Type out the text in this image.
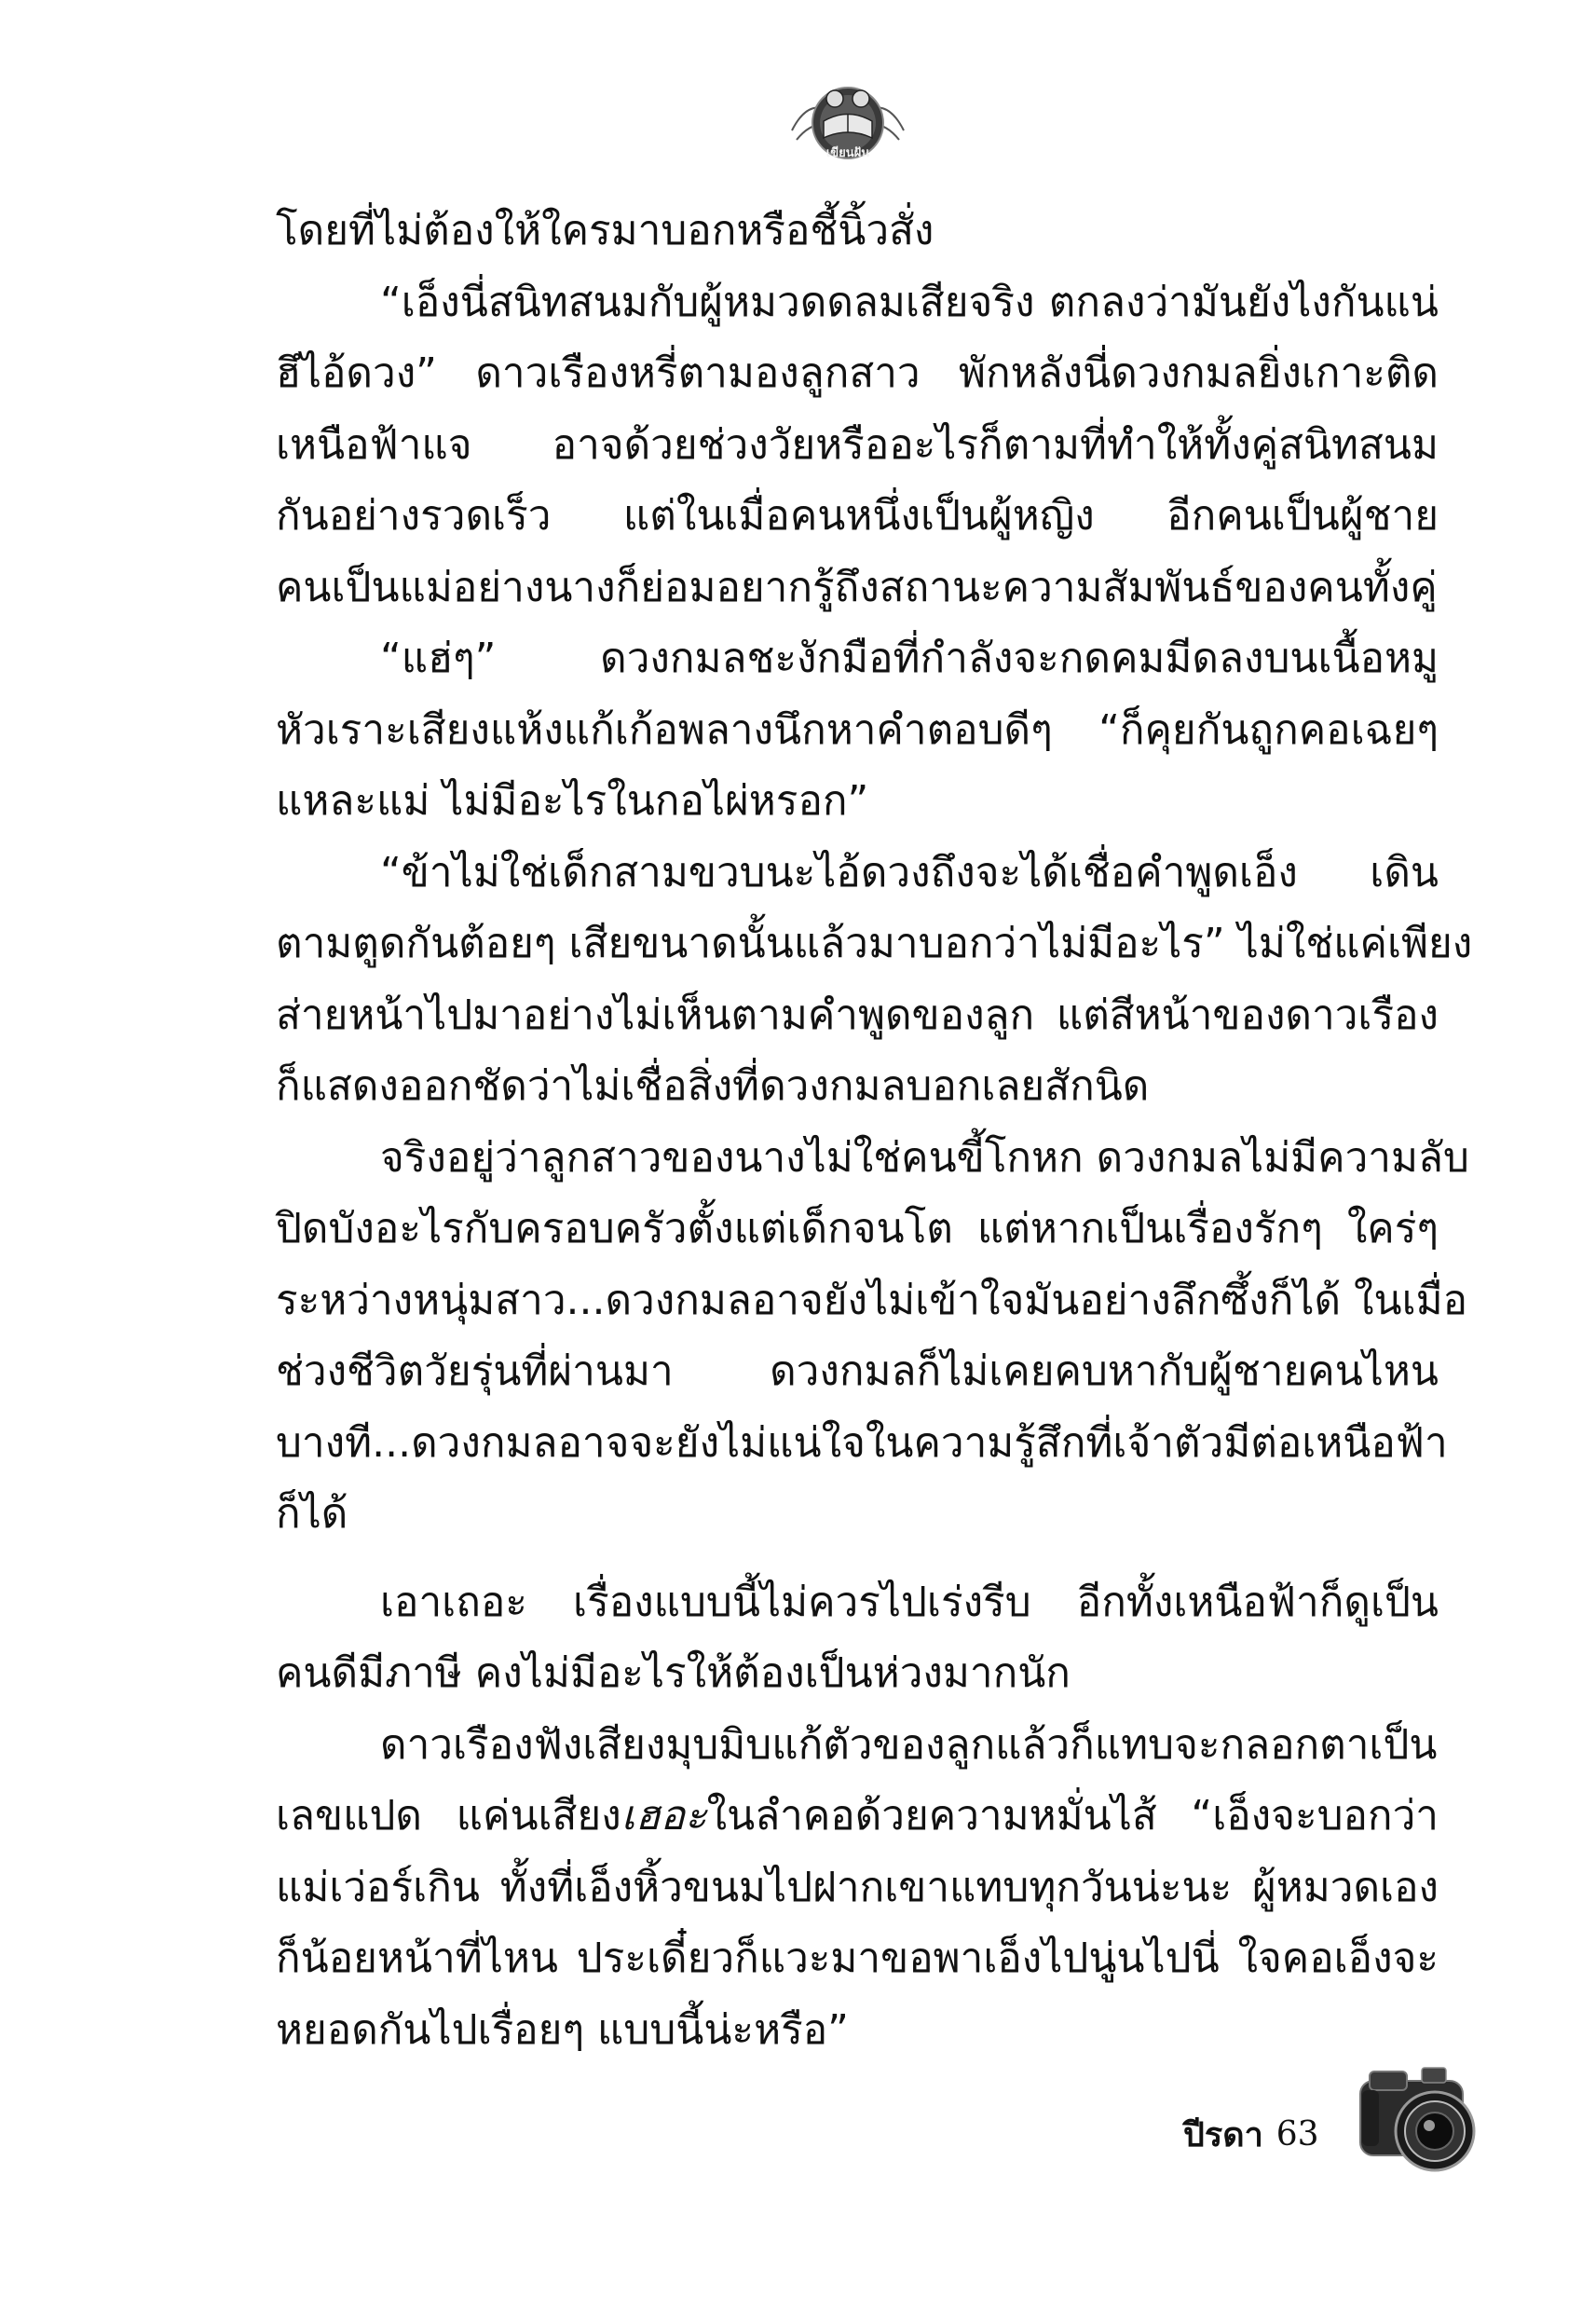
เขียนฝัน
โดยที่ไม่ต้องให้ใครมาบอกหรือชี้นิ้วสั่ง
“เอ็งนี่สนิทสนมกับผู้หมวดดลมเสียจริง ตกลงว่ามันยังไงกันแน่
ฮึไอ้ดวง” ดาวเรืองหรี่ตามองลูกสาว พักหลังนี่ดวงกมลยิ่งเกาะติด
เหนือฟ้าแจ อาจด้วยช่วงวัยหรืออะไรก็ตามที่ทำให้ทั้งคู่สนิทสนม
กันอย่างรวดเร็ว แต่ในเมื่อคนหนึ่งเป็นผู้หญิง อีกคนเป็นผู้ชาย
คนเป็นแม่อย่างนางก็ย่อมอยากรู้ถึงสถานะความสัมพันธ์ของคนทั้งคู่
“แฮ่ๆ” ดวงกมลชะงักมือที่กำลังจะกดคมมีดลงบนเนื้อหมู
หัวเราะเสียงแห้งแก้เก้อพลางนึกหาคำตอบดีๆ “ก็คุยกันถูกคอเฉยๆ
แหละแม่ ไม่มีอะไรในกอไผ่หรอก”
“ข้าไม่ใช่เด็กสามขวบนะไอ้ดวงถึงจะได้เชื่อคำพูดเอ็ง เดิน
ตามตูดกันต้อยๆ เสียขนาดนั้นแล้วมาบอกว่าไม่มีอะไร” ไม่ใช่แค่เพียง
ส่ายหน้าไปมาอย่างไม่เห็นตามคำพูดของลูก แต่สีหน้าของดาวเรือง
ก็แสดงออกชัดว่าไม่เชื่อสิ่งที่ดวงกมลบอกเลยสักนิด
จริงอยู่ว่าลูกสาวของนางไม่ใช่คนขี้โกหก ดวงกมลไม่มีความลับ
ปิดบังอะไรกับครอบครัวตั้งแต่เด็กจนโต แต่หากเป็นเรื่องรักๆ ใคร่ๆ
ระหว่างหนุ่มสาว...ดวงกมลอาจยังไม่เข้าใจมันอย่างลึกซึ้งก็ได้ ในเมื่อ
ช่วงชีวิตวัยรุ่นที่ผ่านมา ดวงกมลก็ไม่เคยคบหากับผู้ชายคนไหน
บางที...ดวงกมลอาจจะยังไม่แน่ใจในความรู้สึกที่เจ้าตัวมีต่อเหนือฟ้า
ก็ได้
เอาเถอะ เรื่องแบบนี้ไม่ควรไปเร่งรีบ อีกทั้งเหนือฟ้าก็ดูเป็น
คนดีมีภาษี คงไม่มีอะไรให้ต้องเป็นห่วงมากนัก
ดาวเรืองฟังเสียงมุบมิบแก้ตัวของลูกแล้วก็แทบจะกลอกตาเป็น
เลขแปด แค่นเสียงเฮอะในลำคอด้วยความหมั่นไส้ “เอ็งจะบอกว่า
แม่เว่อร์เกิน ทั้งที่เอ็งหิ้วขนมไปฝากเขาแทบทุกวันน่ะนะ ผู้หมวดเอง
ก็น้อยหน้าที่ไหน ประเดี๋ยวก็แวะมาขอพาเอ็งไปนู่นไปนี่ ใจคอเอ็งจะ
หยอดกันไปเรื่อยๆ แบบนี้น่ะหรือ”
ปีรดา 63
